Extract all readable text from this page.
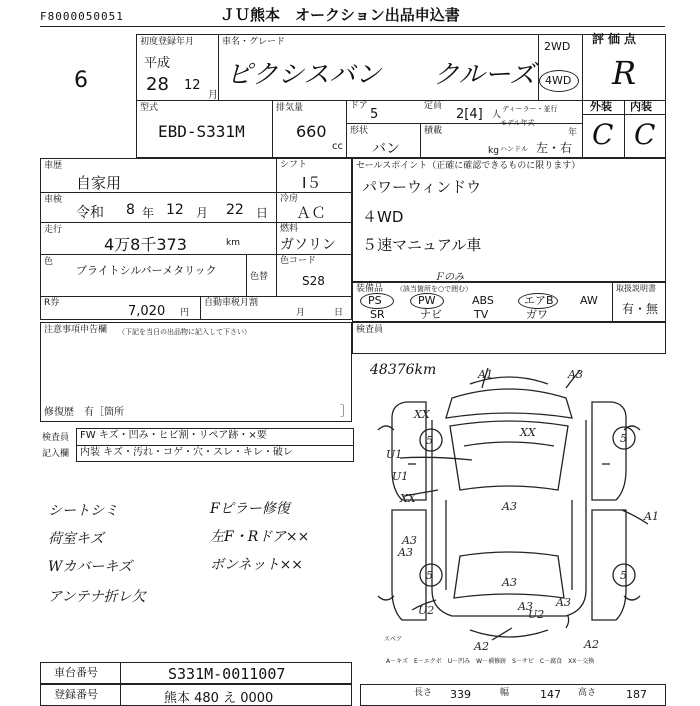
F8000050051	ＪＵ熊本　オークション出品申込書
6
初度登録年月
平成
28 12
月
車名・グレード
ピクシスバン　　クルーズ
2WD
4WD
評価点
R
型式
EBD-S331M
排気量
660
cc
ドア
5
定員
2[4] 人
ディーラー・並行
モデル年式
年
形状
バン
積載
kg ハンドル 左・右
外装 内装
C C
車歴
自家用
シフト
I５
車検
令和 8 年 12 月 22 日
冷房
ＡＣ
走行
4万8千373	km
燃料
ガソリン
色
ブライトシルバーメタリック	色替
色コード
S28
R券
7,020 円
自動車税月割
月	日
セールスポイント（正確に確認できるものに限ります）
パワーウィンドウ
４WD
５速マニュアル車
装備品 （該当箇所を○で囲む）
Ｆのみ
PS	PW	ABS	エアB
SR	ナビ	TV	ガワ
AW
取扱説明書
有・無
注意事項申告欄 （下記を当日の出品物に記入して下さい）
修復歴　有［箇所	］
検査員
検査員
記入欄
FW キズ・凹み・ヒビ割・リペア跡・×要
内装 キズ・汚れ・コゲ・穴・スレ・キレ・破レ
シートシミ
荷室キズ
Wカバーキズ
アンテナ折レ欠
Fピラー修復
左F・Rドア××
ボンネット××
48376km	A1	A3
XX
5
XX	5
U1
U1
XX
A3
A3
A3
5	5
A1
U2	A3
U2
A3
A2	A2
A3
スペア
A－キズ　E－エクボ　U－凹み　W－補修跡　S－サビ　C－腐食　XX－交換
車台番号	S331M-0011007
登録番号	熊本 480 え 0000	長さ 339	幅	147 高さ	187
